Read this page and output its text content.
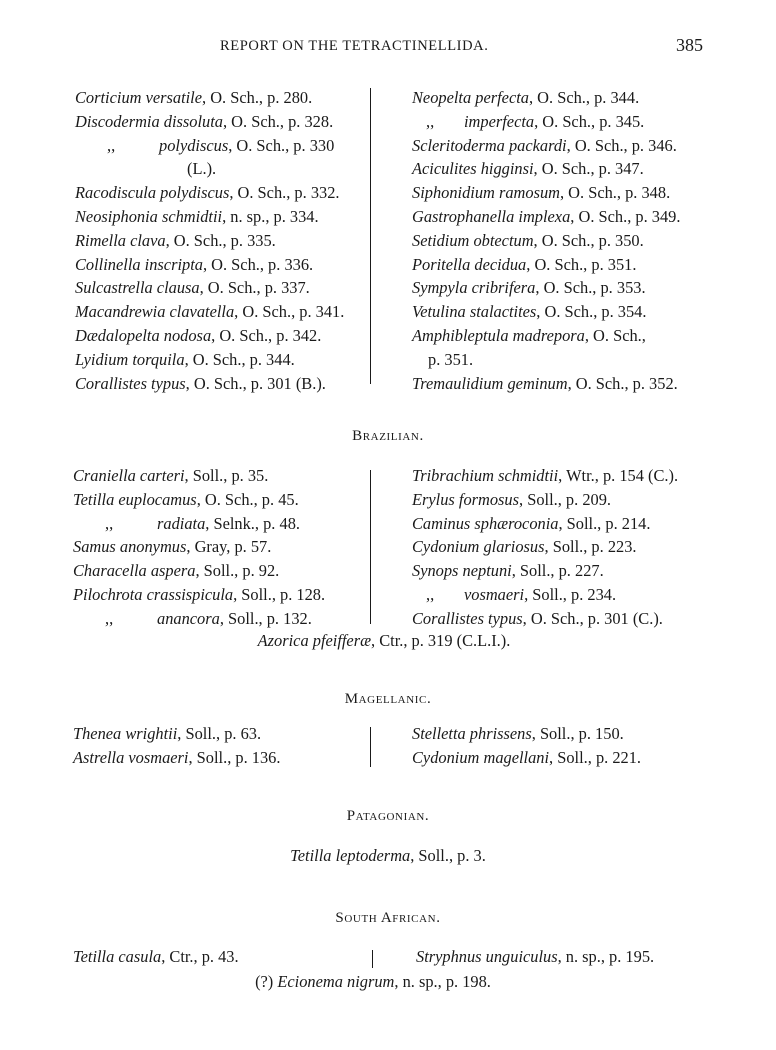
REPORT ON THE TETRACTINELLIDA.	385
Corticium versatile, O. Sch., p. 280.
Discodermia dissoluta, O. Sch., p. 328.
,,	polydiscus, O. Sch., p. 330
(L.).
Racodiscula polydiscus, O. Sch., p. 332.
Neosiphonia schmidtii, n. sp., p. 334.
Rimella clava, O. Sch., p. 335.
Collinella inscripta, O. Sch., p. 336.
Sulcastrella clausa, O. Sch., p. 337.
Macandrewia clavatella, O. Sch., p. 341.
Dædalopelta nodosa, O. Sch., p. 342.
Lyidium torquila, O. Sch., p. 344.
Corallistes typus, O. Sch., p. 301 (B.).
Neopelta perfecta, O. Sch., p. 344.
,, imperfecta, O. Sch., p. 345.
Scleritoderma packardi, O. Sch., p. 346.
Aciculites higginsi, O. Sch., p. 347.
Siphonidium ramosum, O. Sch., p. 348.
Gastrophanella implexa, O. Sch., p. 349.
Setidium obtectum, O. Sch., p. 350.
Poritella decidua, O. Sch., p. 351.
Sympyla cribrifera, O. Sch., p. 353.
Vetulina stalactites, O. Sch., p. 354.
Amphibleptula madrepora, O. Sch.,
p. 351.
Tremaulidium geminum, O. Sch., p. 352.
Brazilian.
Craniella carteri, Soll., p. 35.
Tetilla euplocamus, O. Sch., p. 45.
,,	radiata, Selnk., p. 48.
Samus anonymus, Gray, p. 57.
Characella aspera, Soll., p. 92.
Pilochrota crassispicula, Soll., p. 128.
,,	anancora, Soll., p. 132.
Tribrachium schmidtii, Wtr., p. 154 (C.).
Erylus formosus, Soll., p. 209.
Caminus sphæroconia, Soll., p. 214.
Cydonium glariosus, Soll., p. 223.
Synops neptuni, Soll., p. 227.
,, vosmaeri, Soll., p. 234.
Corallistes typus, O. Sch., p. 301 (C.).
Azorica pfeifferæ, Ctr., p. 319 (C.L.I.).
Magellanic.
Thenea wrightii, Soll., p. 63.
Astrella vosmaeri, Soll., p. 136.
Stelletta phrissens, Soll., p. 150.
Cydonium magellani, Soll., p. 221.
Patagonian.
Tetilla leptoderma, Soll., p. 3.
South African.
Tetilla casula, Ctr., p. 43.	Stryphnus unguiculus, n. sp., p. 195.
(?) Ecionema nigrum, n. sp., p. 198.
